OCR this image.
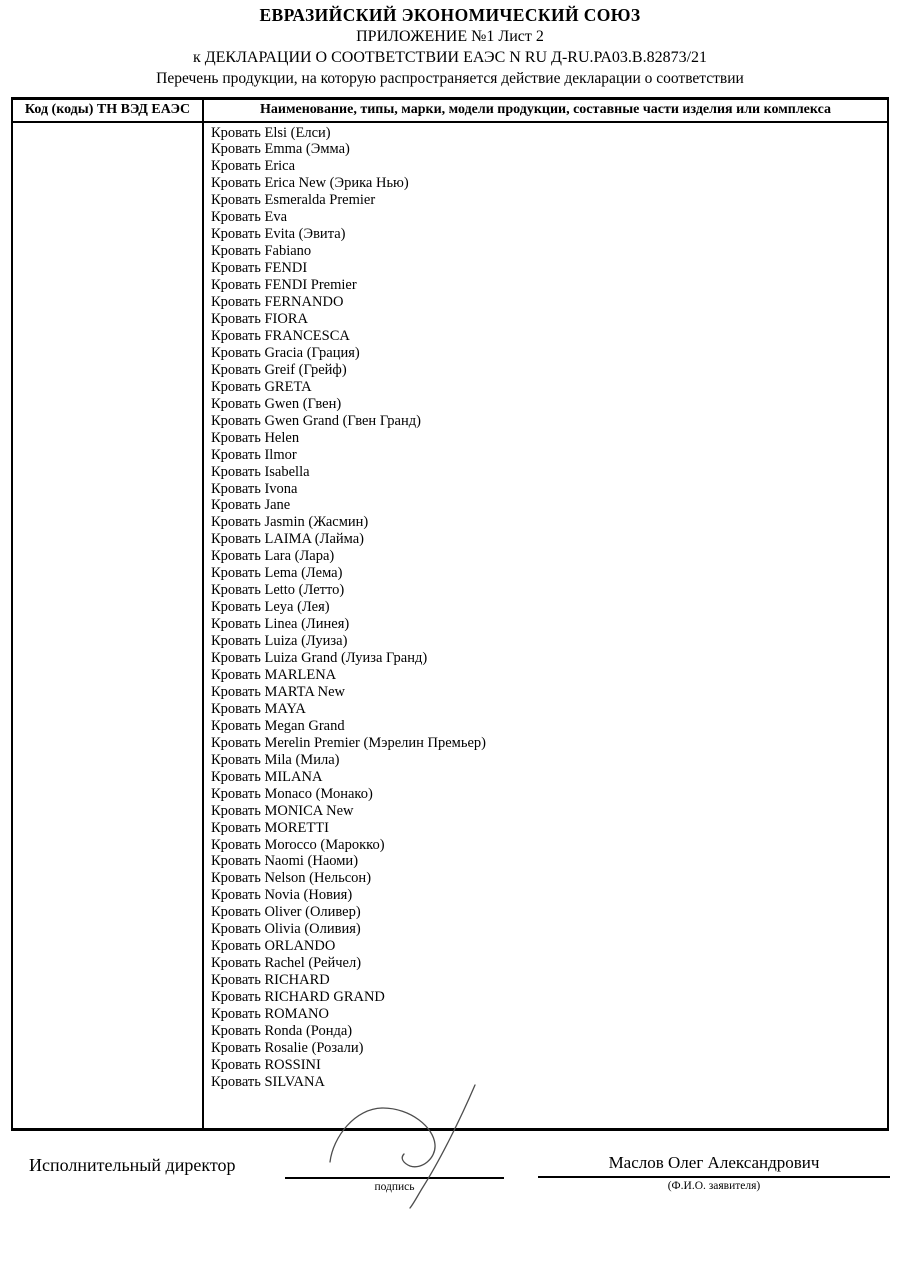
ЕВРАЗИЙСКИЙ ЭКОНОМИЧЕСКИЙ СОЮЗ
ПРИЛОЖЕНИЕ №1 Лист 2
к ДЕКЛАРАЦИИ О СООТВЕТСТВИИ ЕАЭС N RU Д-RU.РА03.В.82873/21
Перечень продукции, на которую распространяется действие декларации о соответствии
Код (коды) ТН ВЭД ЕАЭС	Наименование, типы, марки, модели продукции, составные части изделия или комплекса
Кровать Elsi (Елси)
Кровать Emma (Эмма)
Кровать Erica
Кровать Erica New (Эрика Нью)
Кровать Esmeralda Premier
Кровать Eva
Кровать Evita (Эвита)
Кровать Fabiano
Кровать FENDI
Кровать FENDI Premier
Кровать FERNANDO
Кровать FIORA
Кровать FRANCESCA
Кровать Gracia (Грация)
Кровать Greif (Грейф)
Кровать GRETA
Кровать Gwen (Гвен)
Кровать Gwen Grand (Гвен Гранд)
Кровать Helen
Кровать Ilmor
Кровать Isabella
Кровать Ivona
Кровать Jane
Кровать Jasmin (Жасмин)
Кровать LAIMA (Лайма)
Кровать Lara (Лара)
Кровать Lema (Лема)
Кровать Letto (Летто)
Кровать Leya (Лея)
Кровать Linea (Линея)
Кровать Luiza (Луиза)
Кровать Luiza Grand (Луиза Гранд)
Кровать MARLENA
Кровать MARTA New
Кровать MAYA
Кровать Megan Grand
Кровать Merelin Premier (Мэрелин Премьер)
Кровать Mila (Мила)
Кровать MILANA
Кровать Monaco (Монако)
Кровать MONICA New
Кровать MORETTI
Кровать Morocco (Марокко)
Кровать Naomi (Наоми)
Кровать Nelson (Нельсон)
Кровать Novia (Новия)
Кровать Oliver (Оливер)
Кровать Olivia (Оливия)
Кровать ORLANDO
Кровать Rachel (Рейчел)
Кровать RICHARD
Кровать RICHARD GRAND
Кровать ROMANO
Кровать Ronda (Ронда)
Кровать Rosalie (Розали)
Кровать ROSSINI
Кровать SILVANA
Исполнительный директор
подпись
Маслов Олег Александрович
(Ф.И.О. заявителя)
